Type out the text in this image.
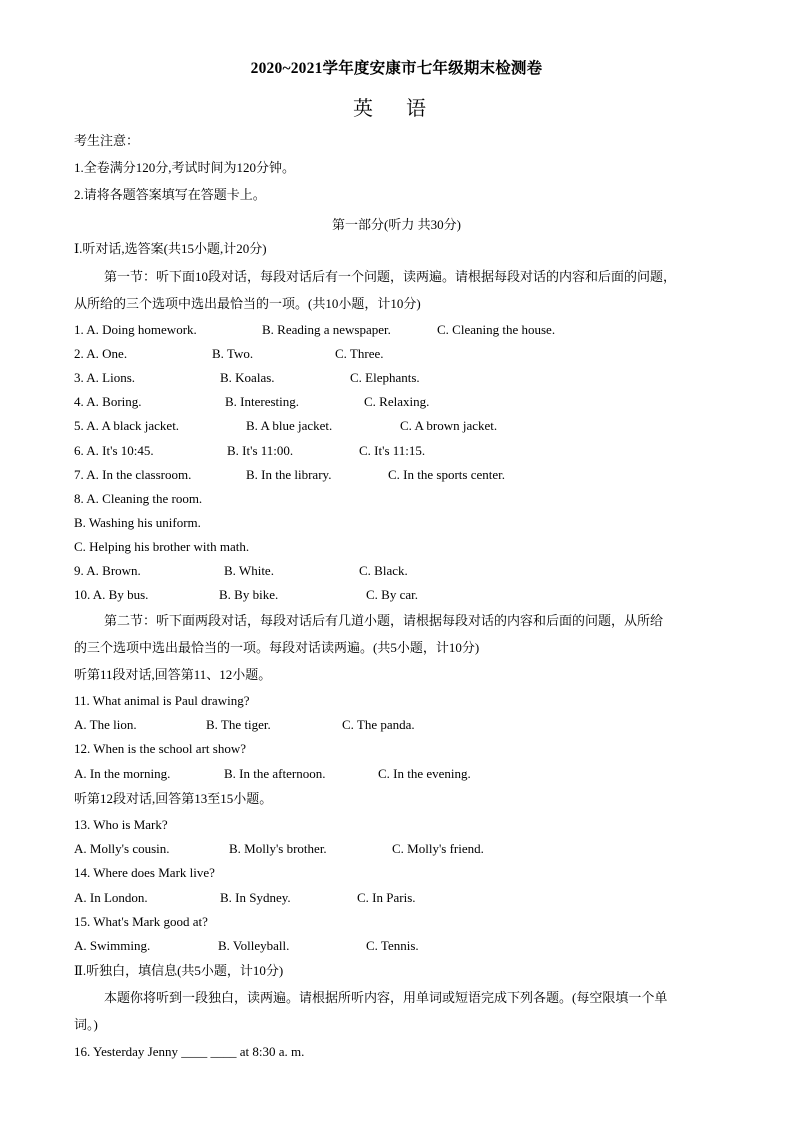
2020~2021学年度安康市七年级期末检测卷
英 语
考生注意：
1.全卷满分120分,考试时间为120分钟。
2.请将各题答案填写在答题卡上。
第一部分(听力 共30分)
Ⅰ.听对话,选答案(共15小题,计20分)
第一节：听下面10段对话，每段对话后有一个问题，读两遍。请根据每段对话的内容和后面的问题，
从所给的三个选项中选出最恰当的一项。(共10小题，计10分)
1. A. Doing homework.	B. Reading a newspaper.	C. Cleaning the house.
2. A. One.	B. Two.	C. Three.
3. A. Lions.	B. Koalas.	C. Elephants.
4. A. Boring.	B. Interesting.	C. Relaxing.
5. A. A black jacket.	B. A blue jacket.	C. A brown jacket.
6. A. It's 10:45.	B. It's 11:00.	C. It's 11:15.
7. A. In the classroom.	B. In the library.	C. In the sports center.
8. A. Cleaning the room.
B. Washing his uniform.
C. Helping his brother with math.
9. A. Brown.	B. White.	C. Black.
10. A. By bus.	B. By bike.	C. By car.
第二节：听下面两段对话，每段对话后有几道小题，请根据每段对话的内容和后面的问题，从所给
的三个选项中选出最恰当的一项。每段对话读两遍。(共5小题，计10分)
听第11段对话,回答第11、12小题。
11. What animal is Paul drawing?
A. The lion.	B. The tiger.	C. The panda.
12. When is the school art show?
A. In the morning.	B. In the afternoon.	C. In the evening.
听第12段对话,回答第13至15小题。
13. Who is Mark?
A. Molly's cousin.	B. Molly's brother.	C. Molly's friend.
14. Where does Mark live?
A. In London.	B. In Sydney.	C. In Paris.
15. What's Mark good at?
A. Swimming.	B. Volleyball.	C. Tennis.
Ⅱ.听独白，填信息(共5小题，计10分)
本题你将听到一段独白，读两遍。请根据所听内容，用单词或短语完成下列各题。(每空限填一个单
词。)
16. Yesterday Jenny ____ ____ at 8:30 a. m.
